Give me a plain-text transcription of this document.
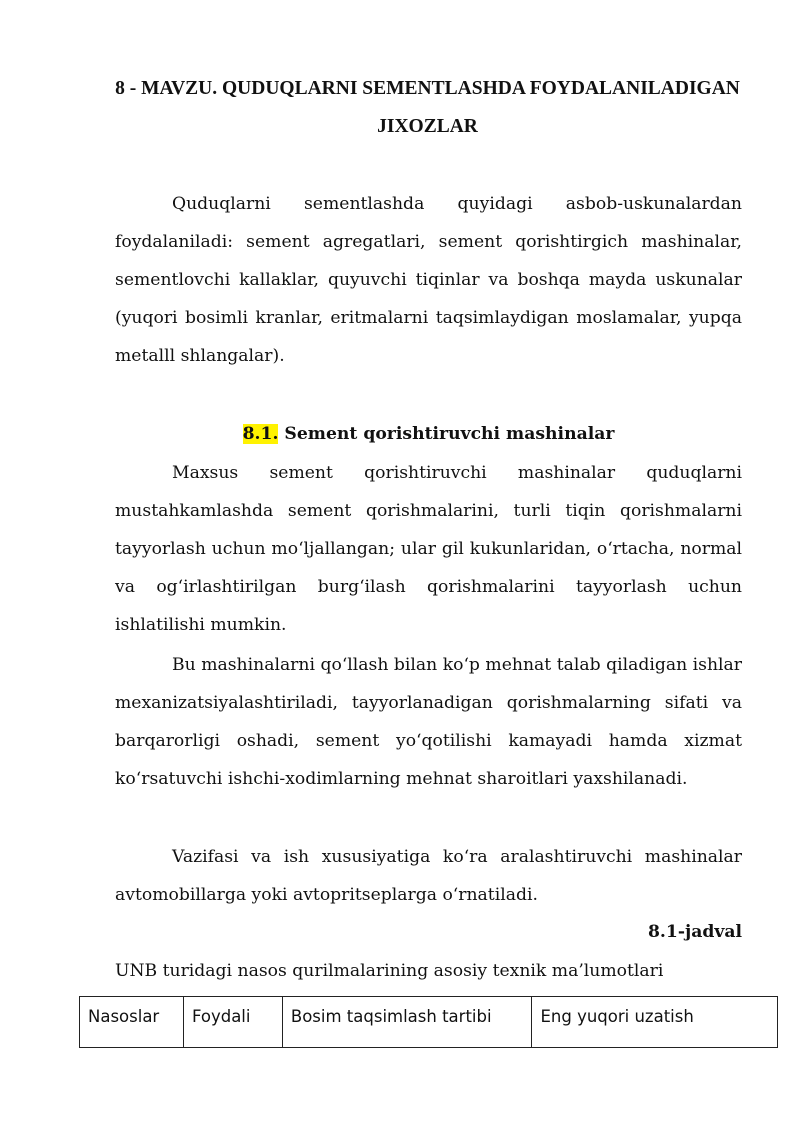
8 - MAVZU. QUDUQLARNI SEMENTLASHDA FOYDALANILADIGAN
JIXOZLAR

Quduqlarni sementlashda quyidagi asbob-uskunalardan foydalaniladi: sement agregatlari, sement qorishtirgich mashinalar, sementlovchi kallaklar, quyuvchi tiqinlar va boshqa mayda uskunalar (yuqori bosimli kranlar, eritmalarni taqsimlaydigan moslamalar, yupqa metalll shlangalar).

8.1. Sement qorishtiruvchi mashinalar

Maxsus sement qorishtiruvchi mashinalar quduqlarni mustahkamlashda sement qorishmalarini, turli tiqin qorishmalarni tayyorlash uchun mo‘ljallangan; ular gil kukunlaridan, o‘rtacha, normal va og‘irlashtirilgan burg‘ilash qorishmalarini tayyorlash uchun ishlatilishi mumkin.

Bu mashinalarni qo‘llash bilan ko‘p mehnat talab qiladigan ishlar mexanizatsiyalashtiriladi, tayyorlanadigan qorishmalarning sifati va barqarorligi oshadi, sement yo‘qotilishi kamayadi hamda xizmat ko‘rsatuvchi ishchi-xodimlarning mehnat sharoitlari yaxshilanadi.

Vazifasi va ish xususiyatiga ko‘ra aralashtiruvchi mashinalar avtomobillarga yoki avtopritseplarga o‘rnatiladi.

8.1-jadval
UNB turidagi nasos qurilmalarining asosiy texnik ma’lumotlari
Nasoslar	Foydali	Bosim taqsimlash tartibi	Eng yuqori uzatish
